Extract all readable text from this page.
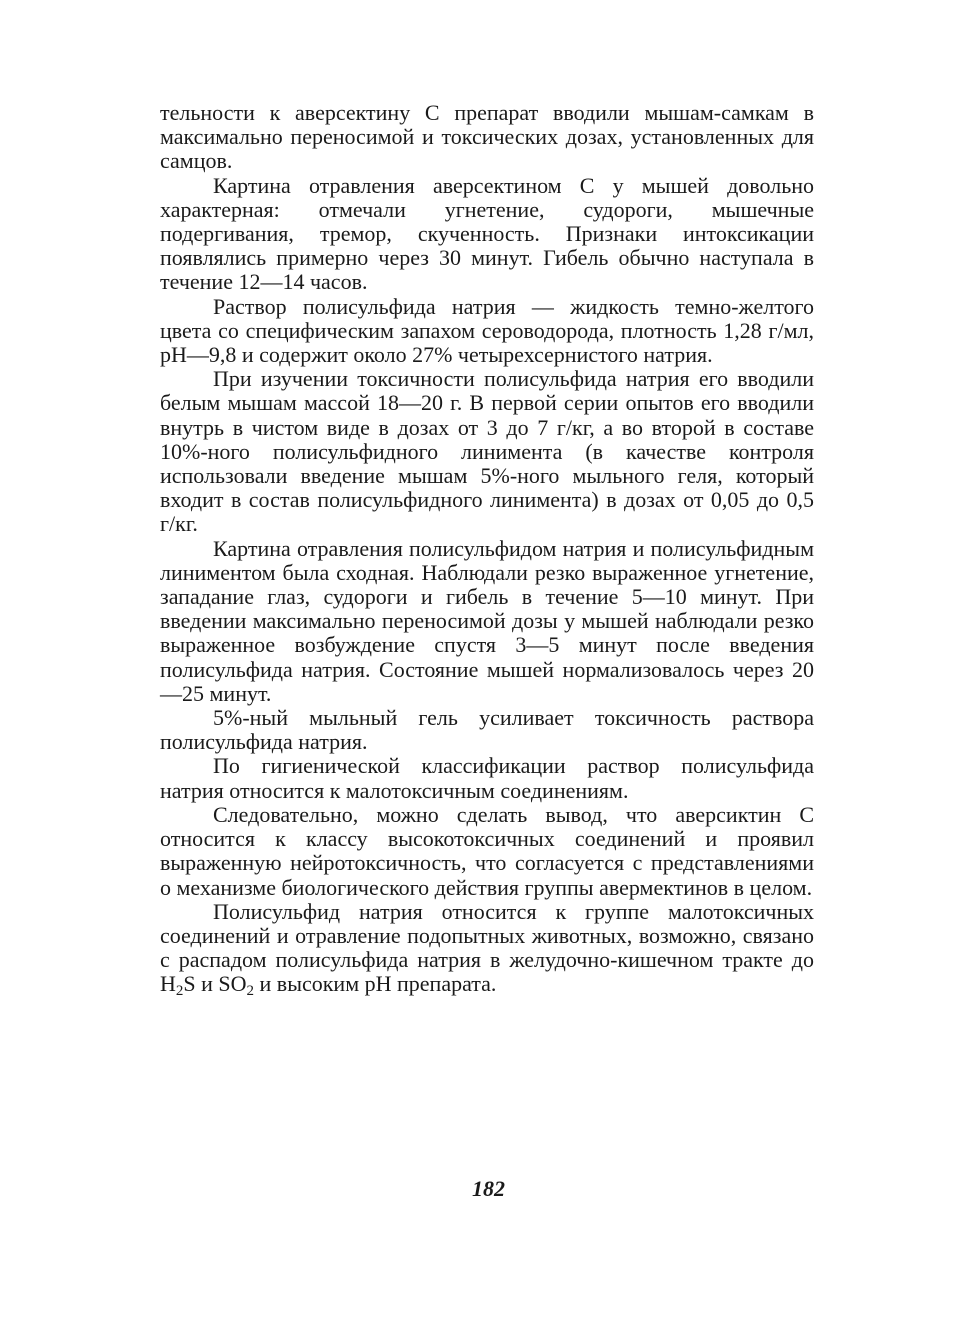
тельности к аверсектину С препарат вводили мышам-самкам в максимально переносимой и токсических дозах, установленных для самцов.

Картина отравления аверсектином С у мышей довольно характерная: отмечали угнетение, судороги, мышечные подергивания, тремор, скученность. Признаки интоксикации появлялись примерно через 30 минут. Гибель обычно наступала в течение 12—14 часов.

Раствор полисульфида натрия — жидкость темно-желтого цвета со специфическим запахом сероводорода, плотность 1,28 г/мл, рН—9,8 и содержит около 27% четырехсернистого натрия.

При изучении токсичности полисульфида натрия его вводили белым мышам массой 18—20 г. В первой серии опытов его вводили внутрь в чистом виде в дозах от 3 до 7 г/кг, а во второй в составе 10%-ного полисульфидного линимента (в качестве контроля использовали введение мышам 5%-ного мыльного геля, который входит в состав полисульфидного линимента) в дозах от 0,05 до 0,5 г/кг.

Картина отравления полисульфидом натрия и полисульфидным линиментом была сходная. Наблюдали резко выраженное угнетение, западание глаз, судороги и гибель в течение 5—10 минут. При введении максимально переносимой дозы у мышей наблюдали резко выраженное возбуждение спустя 3—5 минут после введения полисульфида натрия. Состояние мышей нормализовалось через 20—25 минут.

5%-ный мыльный гель усиливает токсичность раствора полисульфида натрия.

По гигиенической классификации раствор полисульфида натрия относится к малотоксичным соединениям.

Следовательно, можно сделать вывод, что аверсиктин С относится к классу высокотоксичных соединений и проявил выраженную нейротоксичность, что согласуется с представлениями о механизме биологического действия группы авермектинов в целом.

Полисульфид натрия относится к группе малотоксичных соединений и отравление подопытных животных, возможно, связано с распадом полисульфида натрия в желудочно-кишечном тракте до $H_2S$ и $SO_2$ и высоким рН препарата.

182
